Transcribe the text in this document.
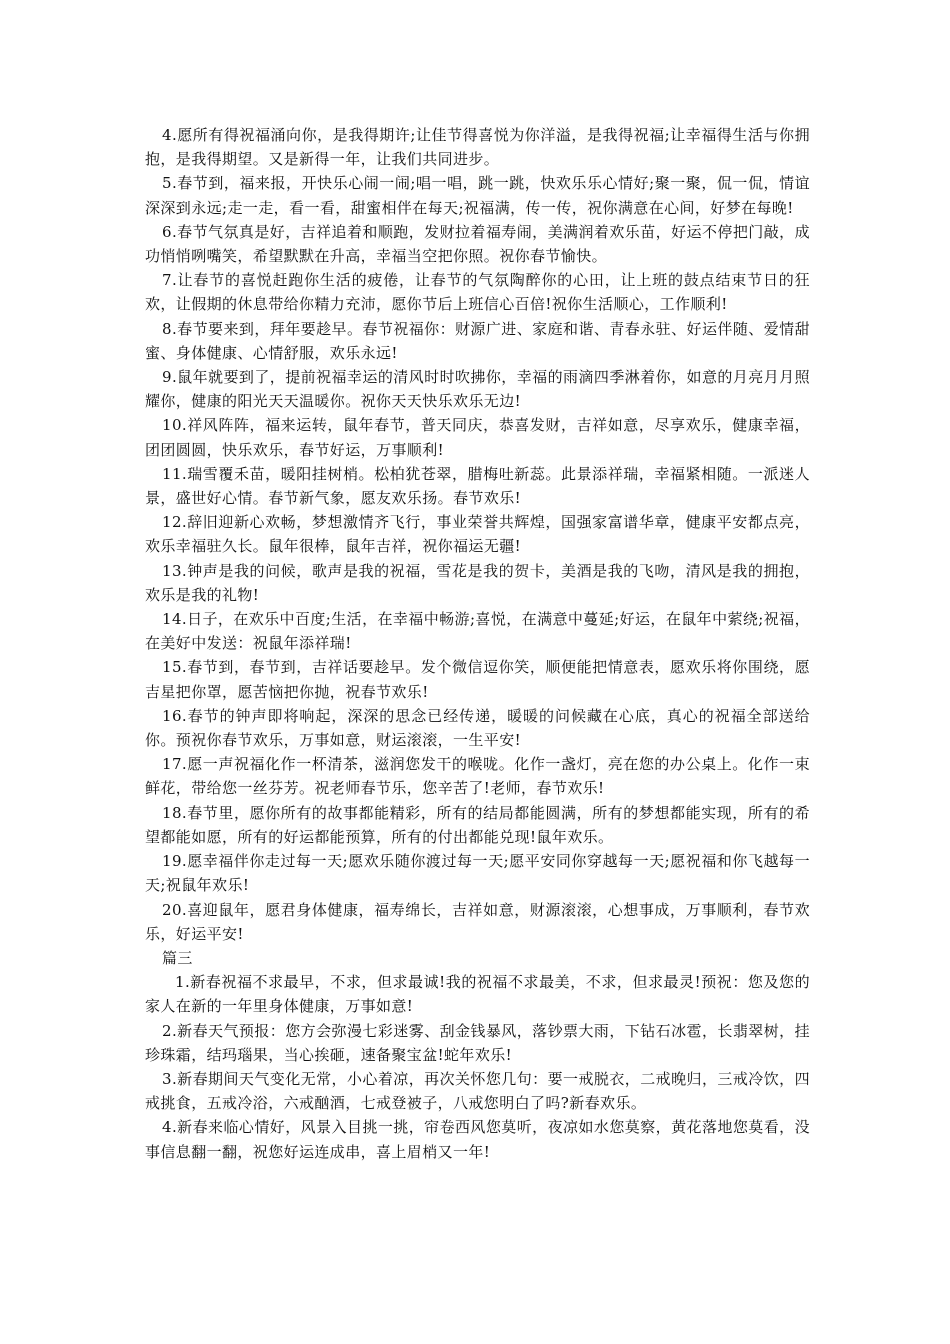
4.愿所有得祝福涌向你，是我得期许;让佳节得喜悦为你洋溢，是我得祝福;让幸福得生活与你拥抱，是我得期望。又是新得一年，让我们共同进步。

5.春节到，福来报，开快乐心闹一闹;唱一唱，跳一跳，快欢乐乐心情好;聚一聚，侃一侃，情谊深深到永远;走一走，看一看，甜蜜相伴在每天;祝福满，传一传，祝你满意在心间，好梦在每晚!

6.春节气氛真是好，吉祥追着和顺跑，发财拉着福寿闹，美满润着欢乐苗，好运不停把门敲，成功悄悄咧嘴笑，希望默默在升高，幸福当空把你照。祝你春节愉快。

7.让春节的喜悦赶跑你生活的疲倦，让春节的气氛陶醉你的心田，让上班的鼓点结束节日的狂欢，让假期的休息带给你精力充沛，愿你节后上班信心百倍!祝你生活顺心，工作顺利!

8.春节要来到，拜年要趁早。春节祝福你：财源广进、家庭和谐、青春永驻、好运伴随、爱情甜蜜、身体健康、心情舒服，欢乐永远!

9.鼠年就要到了，提前祝福幸运的清风时时吹拂你，幸福的雨滴四季淋着你，如意的月亮月月照耀你，健康的阳光天天温暖你。祝你天天快乐欢乐无边!

10.祥风阵阵，福来运转，鼠年春节，普天同庆，恭喜发财，吉祥如意，尽享欢乐，健康幸福，团团圆圆，快乐欢乐，春节好运，万事顺利!

11.瑞雪覆禾苗，暖阳挂树梢。松柏犹苍翠，腊梅吐新蕊。此景添祥瑞，幸福紧相随。一派迷人景，盛世好心情。春节新气象，愿友欢乐扬。春节欢乐!

12.辞旧迎新心欢畅，梦想激情齐飞行，事业荣誉共辉煌，国强家富谱华章，健康平安都点亮，欢乐幸福驻久长。鼠年很棒，鼠年吉祥，祝你福运无疆!

13.钟声是我的问候，歌声是我的祝福，雪花是我的贺卡，美酒是我的飞吻，清风是我的拥抱，欢乐是我的礼物!

14.日子，在欢乐中百度;生活，在幸福中畅游;喜悦，在满意中蔓延;好运，在鼠年中萦绕;祝福，在美好中发送：祝鼠年添祥瑞!

15.春节到，春节到，吉祥话要趁早。发个微信逗你笑，顺便能把情意表，愿欢乐将你围绕，愿吉星把你罩，愿苦恼把你抛，祝春节欢乐!

16.春节的钟声即将响起，深深的思念已经传递，暖暖的问候藏在心底，真心的祝福全部送给你。预祝你春节欢乐，万事如意，财运滚滚，一生平安!

17.愿一声祝福化作一杯清茶，滋润您发干的喉咙。化作一盏灯，亮在您的办公桌上。化作一束鲜花，带给您一丝芬芳。祝老师春节乐，您辛苦了!老师，春节欢乐!

18.春节里，愿你所有的故事都能精彩，所有的结局都能圆满，所有的梦想都能实现，所有的希望都能如愿，所有的好运都能预算，所有的付出都能兑现!鼠年欢乐。

19.愿幸福伴你走过每一天;愿欢乐随你渡过每一天;愿平安同你穿越每一天;愿祝福和你飞越每一天;祝鼠年欢乐!

20.喜迎鼠年，愿君身体健康，福寿绵长，吉祥如意，财源滚滚，心想事成，万事顺利，春节欢乐，好运平安!

篇三

1.新春祝福不求最早，不求，但求最诚!我的祝福不求最美，不求，但求最灵!预祝：您及您的家人在新的一年里身体健康，万事如意!

2.新春天气预报：您方会弥漫七彩迷雾、刮金钱暴风，落钞票大雨，下钻石冰雹，长翡翠树，挂珍珠霜，结玛瑙果，当心挨砸，速备聚宝盆!蛇年欢乐!

3.新春期间天气变化无常，小心着凉，再次关怀您几句：要一戒脱衣，二戒晚归，三戒冷饮，四戒挑食，五戒冷浴，六戒酗酒，七戒登被子，八戒您明白了吗?新春欢乐。

4.新春来临心情好，风景入目挑一挑，帘卷西风您莫听，夜凉如水您莫察，黄花落地您莫看，没事信息翻一翻，祝您好运连成串，喜上眉梢又一年!
